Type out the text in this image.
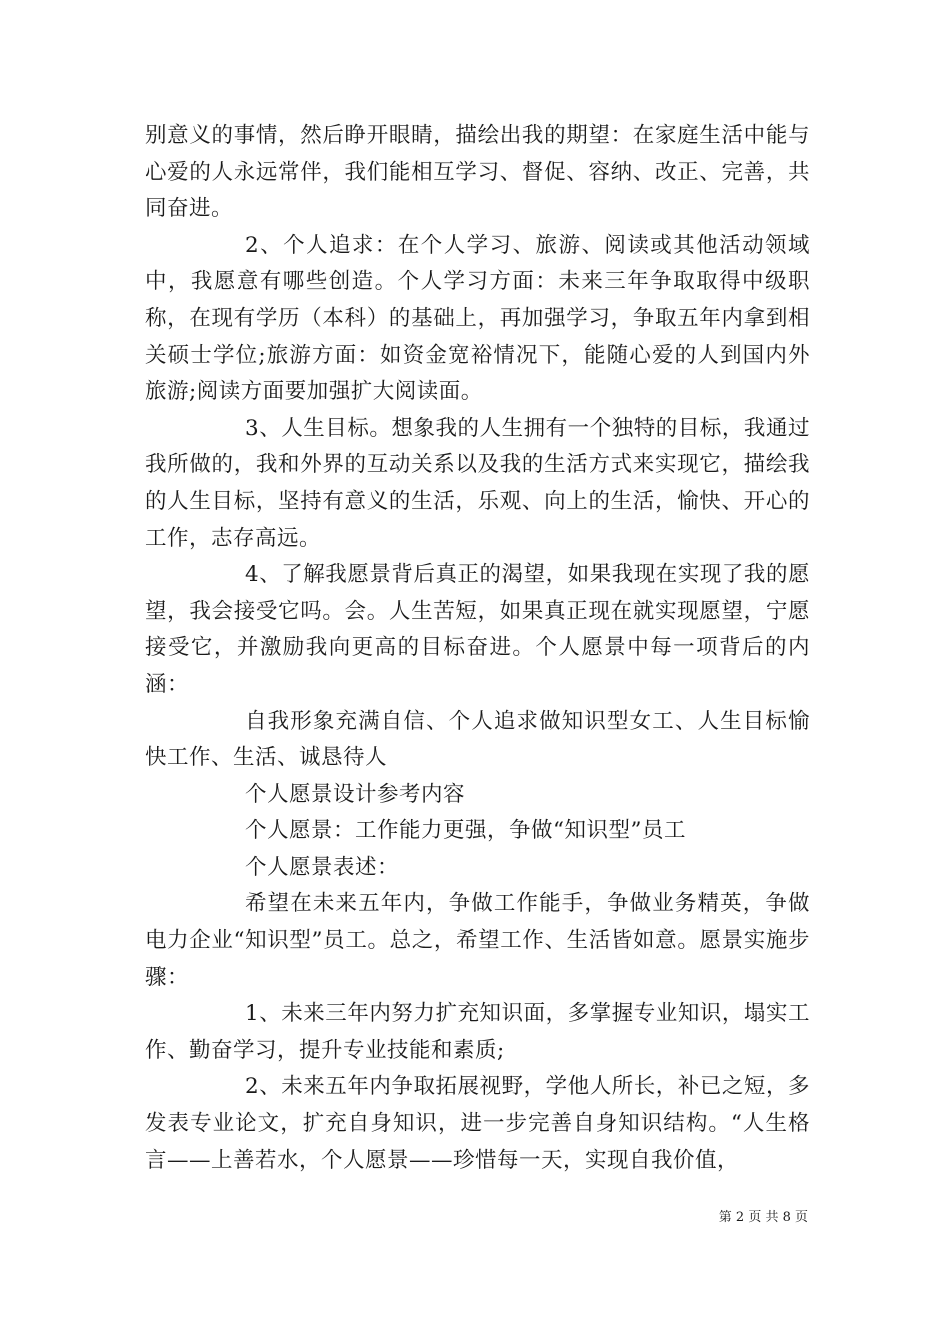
别意义的事情，然后睁开眼睛，描绘出我的期望：在家庭生活中能与心爱的人永远常伴，我们能相互学习、督促、容纳、改正、完善，共同奋进。

2、个人追求：在个人学习、旅游、阅读或其他活动领域中，我愿意有哪些创造。个人学习方面：未来三年争取取得中级职称，在现有学历（本科）的基础上，再加强学习，争取五年内拿到相关硕士学位;旅游方面：如资金宽裕情况下，能随心爱的人到国内外旅游;阅读方面要加强扩大阅读面。

3、人生目标。想象我的人生拥有一个独特的目标，我通过我所做的，我和外界的互动关系以及我的生活方式来实现它，描绘我的人生目标，坚持有意义的生活，乐观、向上的生活，愉快、开心的工作，志存高远。

4、了解我愿景背后真正的渴望，如果我现在实现了我的愿望，我会接受它吗。会。人生苦短，如果真正现在就实现愿望，宁愿接受它，并激励我向更高的目标奋进。个人愿景中每一项背后的内涵：

自我形象充满自信、个人追求做知识型女工、人生目标愉快工作、生活、诚恳待人

个人愿景设计参考内容

个人愿景：工作能力更强，争做“知识型”员工

个人愿景表述：

希望在未来五年内，争做工作能手，争做业务精英，争做电力企业“知识型”员工。总之，希望工作、生活皆如意。愿景实施步骤：

1、未来三年内努力扩充知识面，多掌握专业知识，塌实工作、勤奋学习，提升专业技能和素质;

2、未来五年内争取拓展视野，学他人所长，补已之短，多发表专业论文，扩充自身知识，进一步完善自身知识结构。“人生格言——上善若水，个人愿景——珍惜每一天，实现自我价值，

第 2 页 共 8 页
